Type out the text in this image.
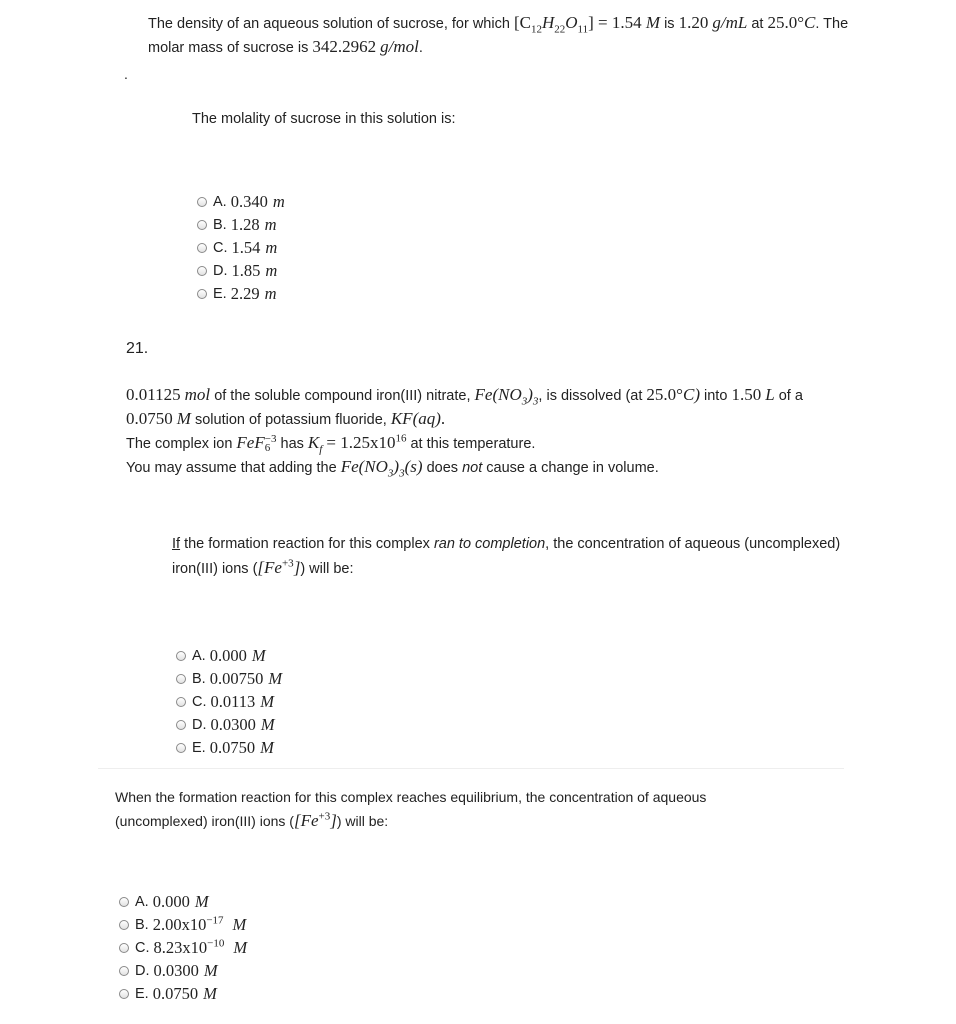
The density of an aqueous solution of sucrose, for which $[C_{12}H_{22}O_{11}] = 1.54$ M is 1.20 g/mL at 25.0°C. The
molar mass of sucrose is 342.2962 g/mol.
.
The molality of sucrose in this solution is:
A. 0.340 m
B. 1.28 m
C. 1.54 m
D. 1.85 m
E. 2.29 m
21.
0.01125 mol of the soluble compound iron(III) nitrate, $Fe(NO_3)_3$, is dissolved (at 25.0°C) into 1.50 L of a
0.0750 M solution of potassium fluoride, KF(aq).
The complex ion FeF −3
6 has $K_f = 1.25x10^{16}$ at this temperature.
You may assume that adding the $Fe(NO_3)_3(s)$ does not cause a change in volume.
If the formation reaction for this complex ran to completion, the concentration of aqueous (uncomplexed)
iron(III) ions $([Fe^{+3}])$ will be:
A. 0.000 M
B. 0.00750 M
C. 0.0113 M
D. 0.0300 M
E. 0.0750 M
When the formation reaction for this complex reaches equilibrium, the concentration of aqueous
(uncomplexed) iron(III) ions $([Fe^{+3}])$ will be:
A. 0.000 M
B. $2.00x10^{-17}$ M
C. $8.23x10^{-10}$ M
D. 0.0300 M
E. 0.0750 M
